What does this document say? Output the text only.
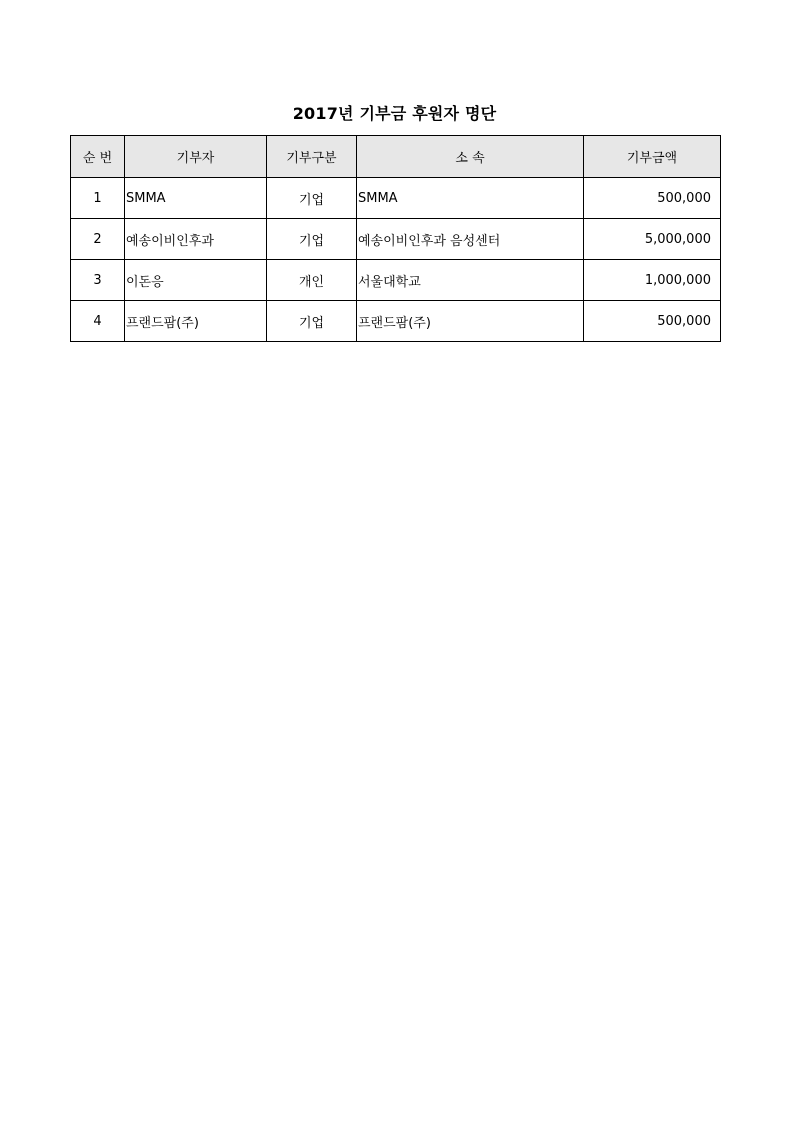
2017년 기부금 후원자 명단
순 번	기부자	기부구분	소 속	기부금액
1	SMMA	기업	SMMA	500,000
2	예송이비인후과	기업	예송이비인후과 음성센터	5,000,000
3	이돈응	개인	서울대학교	1,000,000
4	프랜드팜(주)	기업	프랜드팜(주)	500,000
